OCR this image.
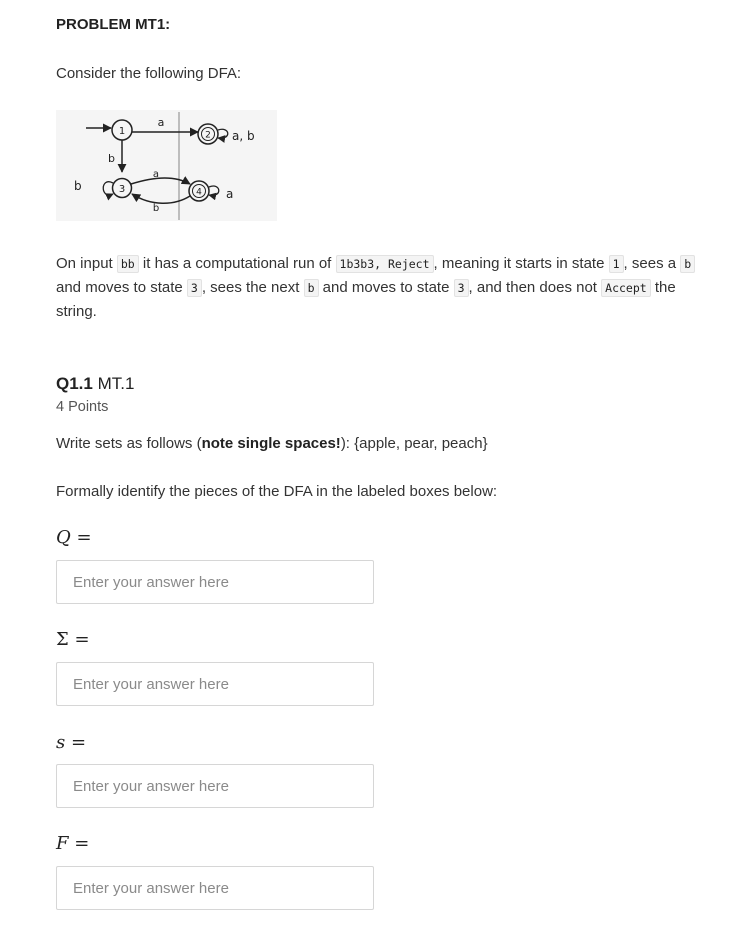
PROBLEM MT1:
Consider the following DFA:
1
a
2 a, b
b
3
b
a
b
4 a
On input bb it has a computational run of 1b3b3, Reject , meaning it starts in state 1 , sees a b and moves to state 3 , sees the next b and moves to state 3 , and then does not Accept the string.
Q1.1 MT.1
4 Points
Write sets as follows (note single spaces!): {apple, pear, peach}
Formally identify the pieces of the DFA in the labeled boxes below:
Q =
Enter your answer here
Σ =
Enter your answer here
s =
Enter your answer here
F =
Enter your answer here
